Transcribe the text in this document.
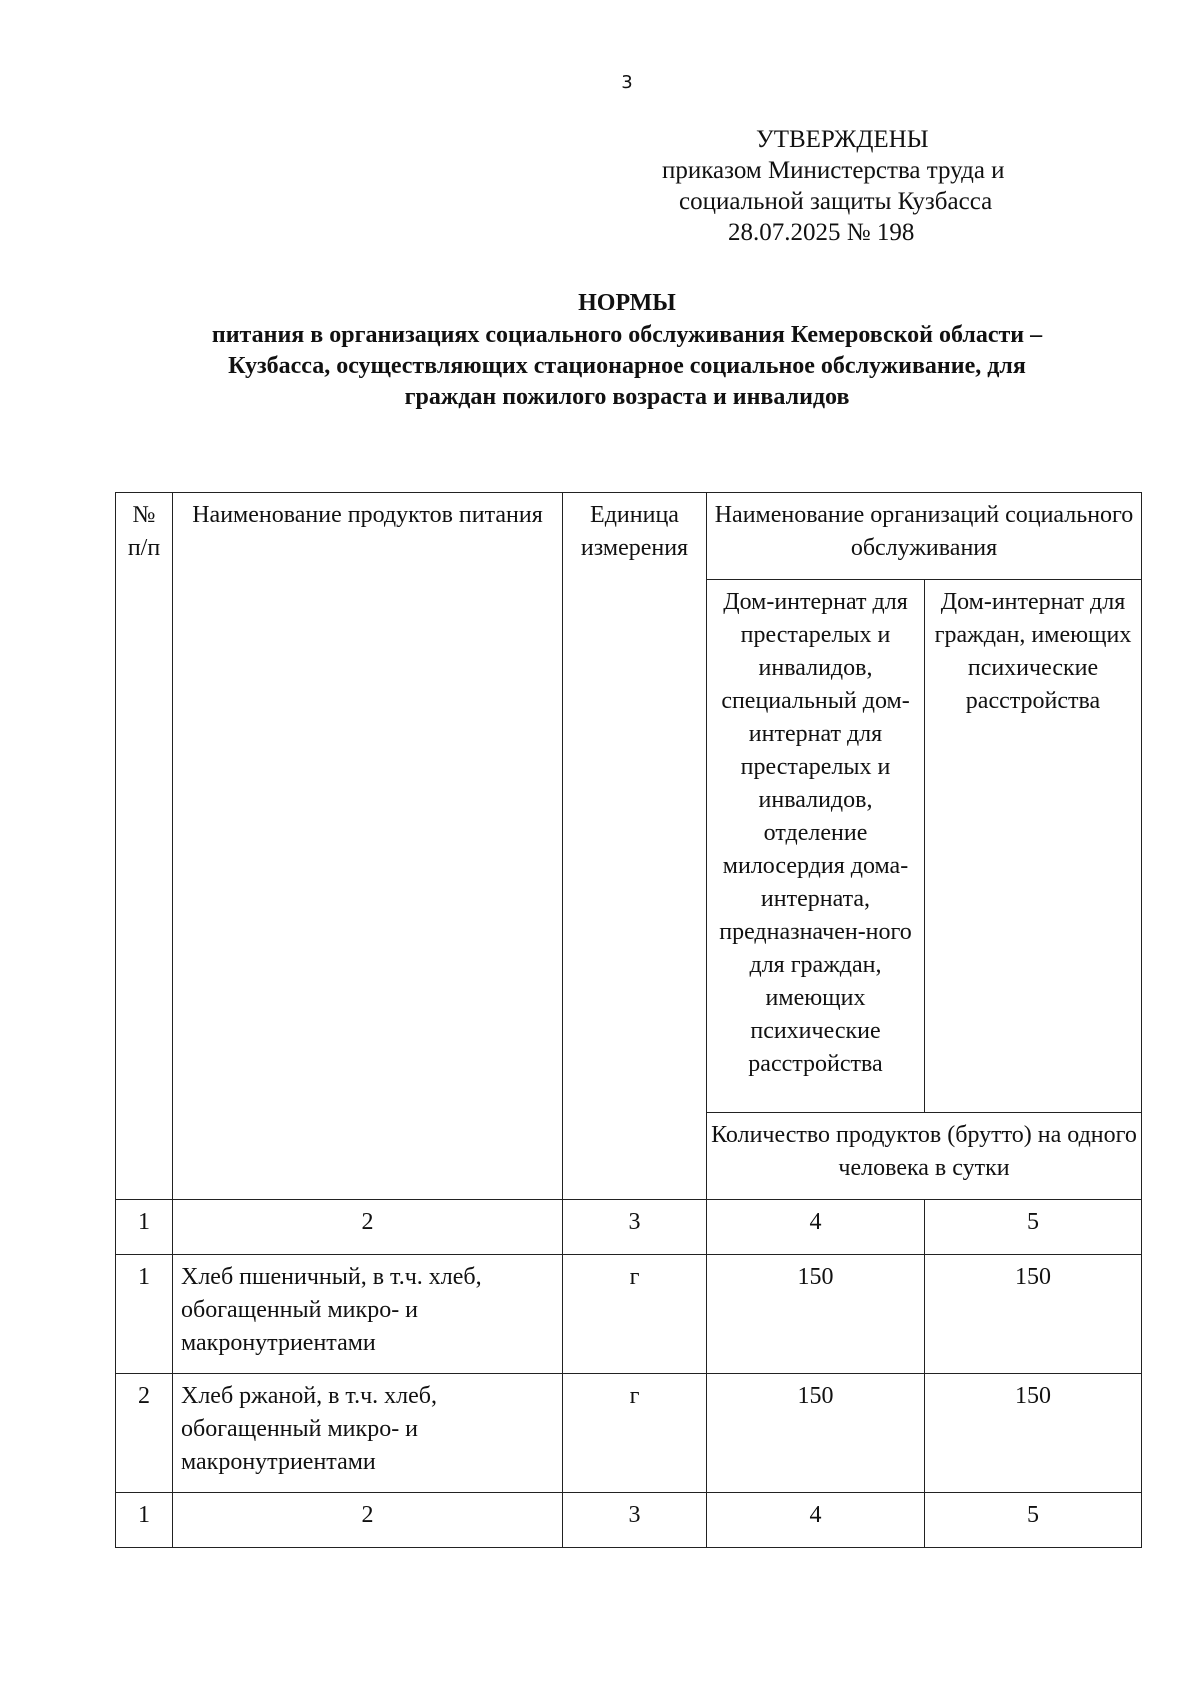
3
УТВЕРЖДЕНЫ
приказом Министерства труда и
социальной защиты Кузбасса
28.07.2025 № 198
НОРМЫ
питания в организациях социального обслуживания Кемеровской области – Кузбасса, осуществляющих стационарное социальное обслуживание, для граждан пожилого возраста и инвалидов
№ п/п	Наименование продуктов питания	Единица измерения	Наименование организаций социального обслуживания	
			Дом-интернат для престарелых и инвалидов, специальный дом-интернат для престарелых и инвалидов, отделение милосердия дома-интерната, предназначен-ного для граждан, имеющих психические расстройства	Дом-интернат для граждан, имеющих психические расстройства
			Количество продуктов (брутто) на одного человека в сутки	
1	2	3	4	5
1	Хлеб пшеничный, в т.ч. хлеб, обогащенный микро- и макронутриентами	г	150	150
2	Хлеб ржаной, в т.ч. хлеб, обогащенный микро- и макронутриентами	г	150	150
1	2	3	4	5
